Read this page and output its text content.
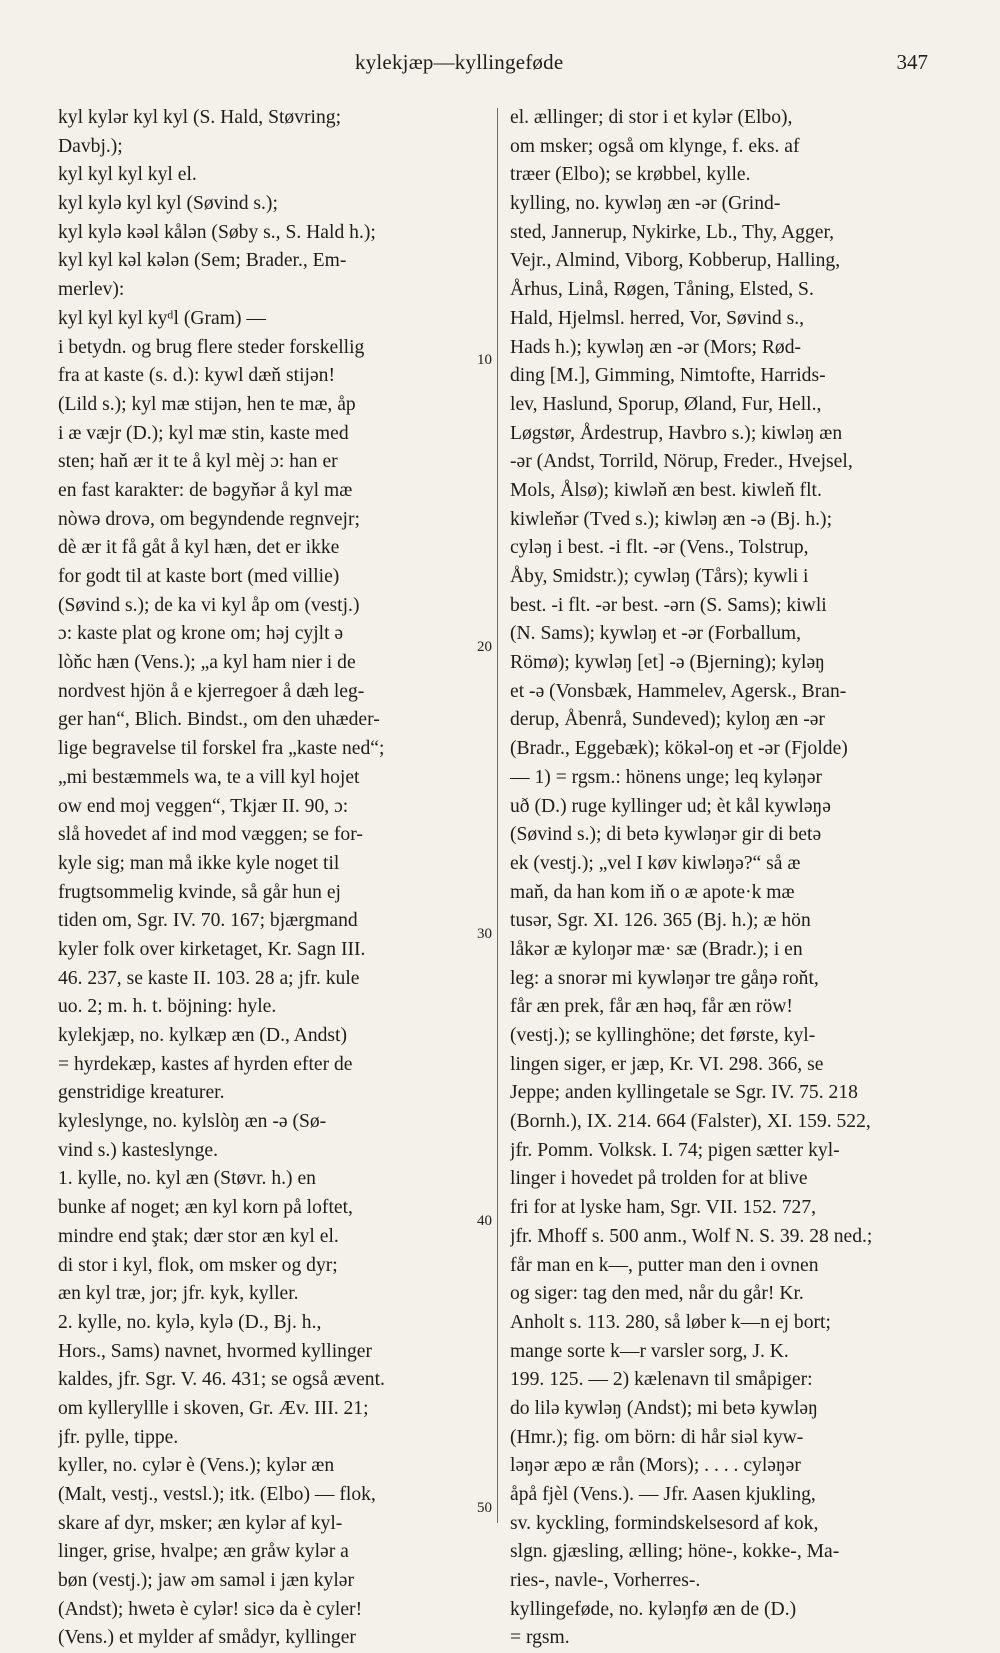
kylekjæp—kyllingeføde	347
kyl kylər kyl kyl (S. Hald, Støvring;
Davbj.);
kyl kyl kyl kyl el.
kyl kylə kyl kyl (Søvind s.);
kyl kylə kəəl kålən (Søby s., S. Hald h.);
kyl kyl kəl kələn (Sem; Brader., Em-
merlev):
kyl kyl kyl kyᵈl (Gram) —
i betydn. og brug flere steder forskellig
fra at kaste (s. d.): kywl dæň stijən!
(Lild s.); kyl mæ stijən, hen te mæ, åp
i æ væjr (D.); kyl mæ stin, kaste med
sten; haň ær it te å kyl mèj ɔ: han er
en fast karakter: de bəgyňər å kyl mæ
nòwə drovə, om begyndende regnvejr;
dè ær it få gåt å kyl hæn, det er ikke
for godt til at kaste bort (med villie)
(Søvind s.); de ka vi kyl åp om (vestj.)
ɔ: kaste plat og krone om; həj cyjlt ə
lòňc hæn (Vens.); „a kyl ham nier i de
nordvest hjön å e kjerregoer å dæh leg-
ger han“, Blich. Bindst., om den uhæder-
lige begravelse til forskel fra „kaste ned“;
„mi bestæmmels wa, te a vill kyl hojet
ow end moj veggen“, Tkjær II. 90, ɔ:
slå hovedet af ind mod væggen; se for-
kyle sig; man må ikke kyle noget til
frugtsommelig kvinde, så går hun ej
tiden om, Sgr. IV. 70. 167; bjærgmand
kyler folk over kirketaget, Kr. Sagn III.
46. 237, se kaste II. 103. 28 a; jfr. kule
uo. 2; m. h. t. böjning: hyle.
kylekjæp, no. kylkæp æn (D., Andst)
= hyrdekæp, kastes af hyrden efter de
genstridige kreaturer.
kyleslynge, no. kylslòŋ æn -ə (Sø-
vind s.) kasteslynge.
1. kylle, no. kyl æn (Støvr. h.) en
bunke af noget; æn kyl korn på loftet,
mindre end ştak; dær stor æn kyl el.
di stor i kyl, flok, om msker og dyr;
æn kyl træ, jor; jfr. kyk, kyller.
2. kylle, no. kylə, kylə (D., Bj. h.,
Hors., Sams) navnet, hvormed kyllinger
kaldes, jfr. Sgr. V. 46. 431; se også ævent.
om kylleryllle i skoven, Gr. Æv. III. 21;
jfr. pylle, tippe.
kyller, no. cylər è (Vens.); kylər æn
(Malt, vestj., vestsl.); itk. (Elbo) — flok,
skare af dyr, msker; æn kylər af kyl-
linger, grise, hvalpe; æn gråw kylər a
bøn (vestj.); jaw əm saməl i jæn kylər
(Andst); hwetə è cylər! sicə da è cyler!
(Vens.) et mylder af smådyr, kyllinger
el. ællinger; di stor i et kylər (Elbo),
om msker; også om klynge, f. eks. af
træer (Elbo); se krøbbel, kylle.
kylling, no. kywləŋ æn -ər (Grind-
sted, Jannerup, Nykirke, Lb., Thy, Agger,
Vejr., Almind, Viborg, Kobberup, Halling,
Århus, Linå, Røgen, Tåning, Elsted, S.
Hald, Hjelmsl. herred, Vor, Søvind s.,
Hads h.); kywləŋ æn -ər (Mors; Rød-
ding [M.], Gimming, Nimtofte, Harrids-
lev, Haslund, Sporup, Øland, Fur, Hell.,
Løgstør, Årdestrup, Havbro s.); kiwləŋ æn
-ər (Andst, Torrild, Nörup, Freder., Hvejsel,
Mols, Ålsø); kiwləň æn best. kiwleň flt.
kiwleňər (Tved s.); kiwləŋ æn -ə (Bj. h.);
cyləŋ i best. -i flt. -ər (Vens., Tolstrup,
Åby, Smidstr.); cywləŋ (Tårs); kywli i
best. -i flt. -ər best. -ərn (S. Sams); kiwli
(N. Sams); kywləŋ et -ər (Forballum,
Römø); kywləŋ [et] -ə (Bjerning); kyləŋ
et -ə (Vonsbæk, Hammelev, Agersk., Bran-
derup, Åbenrå, Sundeved); kyloŋ æn -ər
(Bradr., Eggebæk); kökəl-oŋ et -ər (Fjolde)
— 1) = rgsm.: hönens unge; leq kyləŋər
uð (D.) ruge kyllinger ud; èt kål kywləŋə
(Søvind s.); di betə kywləŋər gir di betə
ek (vestj.); „vel I køv kiwləŋə?“ så æ
maň, da han kom iň o æ apote·k mæ
tusər, Sgr. XI. 126. 365 (Bj. h.); æ hön
låkər æ kyloŋər mæ· sæ (Bradr.); i en
leg: a snorər mi kywləŋər tre gåŋə roňt,
får æn prek, får æn həq, får æn röw!
(vestj.); se kyllinghöne; det første, kyl-
lingen siger, er jæp, Kr. VI. 298. 366, se
Jeppe; anden kyllingetale se Sgr. IV. 75. 218
(Bornh.), IX. 214. 664 (Falster), XI. 159. 522,
jfr. Pomm. Volksk. I. 74; pigen sætter kyl-
linger i hovedet på trolden for at blive
fri for at lyske ham, Sgr. VII. 152. 727,
jfr. Mhoff s. 500 anm., Wolf N. S. 39. 28 ned.;
får man en k—, putter man den i ovnen
og siger: tag den med, når du går! Kr.
Anholt s. 113. 280, så løber k—n ej bort;
mange sorte k—r varsler sorg, J. K.
199. 125. — 2) kælenavn til småpiger:
do lilə kywləŋ (Andst); mi betə kywləŋ
(Hmr.); fig. om börn: di hår siəl kyw-
ləŋər æpo æ rån (Mors); . . . . cyləŋər
åpå fjèl (Vens.). — Jfr. Aasen kjukling,
sv. kyckling, formindskelsesord af kok,
slgn. gjæsling, ælling; höne-, kokke-, Ma-
ries-, navle-, Vorherres-.
kyllingeføde, no. kyləŋfø æn de (D.)
= rgsm.
10
20
30
40
50
